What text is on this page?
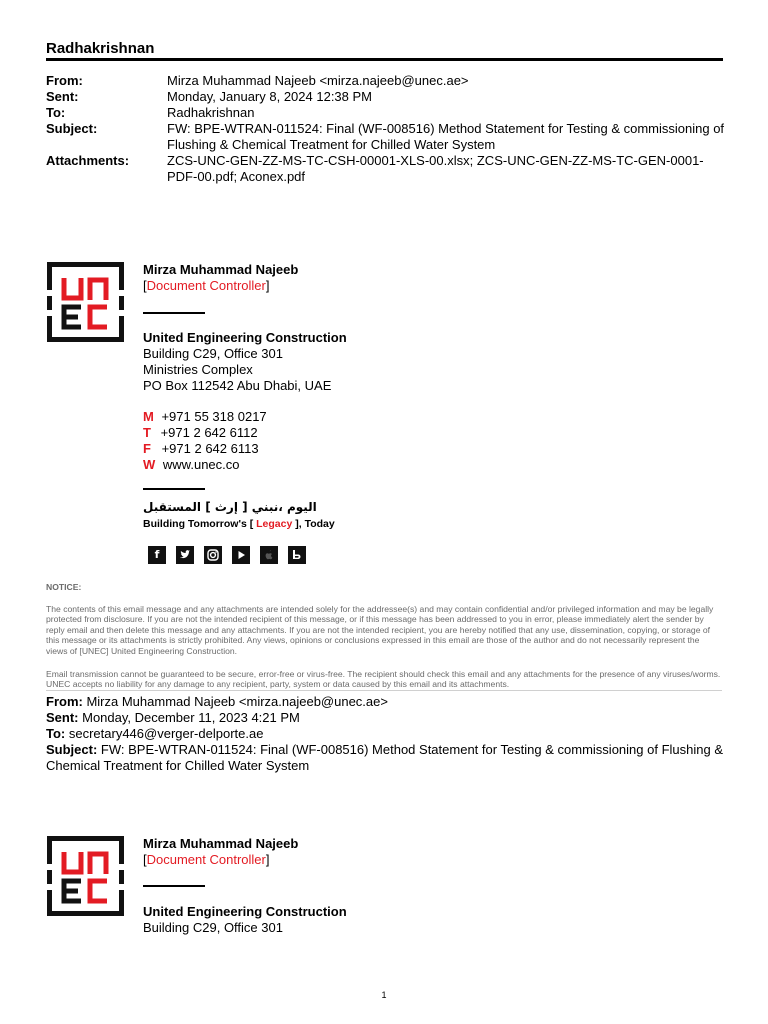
Radhakrishnan
From:	Mirza Muhammad Najeeb <mirza.najeeb@unec.ae>
Sent:	Monday, January 8, 2024 12:38 PM
To:	Radhakrishnan
Subject:	FW: BPE-WTRAN-011524: Final (WF-008516) Method Statement for Testing & commissioning of
Flushing & Chemical Treatment for Chilled Water System
Attachments:	ZCS-UNC-GEN-ZZ-MS-TC-CSH-00001-XLS-00.xlsx; ZCS-UNC-GEN-ZZ-MS-TC-GEN-0001-
PDF-00.pdf; Aconex.pdf
Mirza Muhammad Najeeb
[Document Controller]
United Engineering Construction
Building C29, Office 301
Ministries Complex
PO Box 112542 Abu Dhabi, UAE
M +971 55 318 0217
T +971 2 642 6112
F +971 2 642 6113
W www.unec.co
اليوم ،نبني [ إرث ] المستقبل
Building Tomorrow's [ Legacy ], Today
f
NOTICE:
The contents of this email message and any attachments are intended solely for the addressee(s) and may contain confidential and/or privileged information and may be legally protected from disclosure. If you are not the intended recipient of this message, or if this message has been addressed to you in error, please immediately alert the sender by reply email and then delete this message and any attachments. If you are not the intended recipient, you are hereby notified that any use, dissemination, copying, or storage of this message or its attachments is strictly prohibited. Any views, opinions or conclusions expressed in this email are those of the author and do not necessarily represent the views of [UNEC] United Engineering Construction.
Email transmission cannot be guaranteed to be secure, error-free or virus-free. The recipient should check this email and any attachments for the presence of any viruses/worms. UNEC accepts no liability for any damage to any recipient, party, system or data caused by this email and its attachments.
From: Mirza Muhammad Najeeb <mirza.najeeb@unec.ae>
Sent: Monday, December 11, 2023 4:21 PM
To: secretary446@verger-delporte.ae
Subject: FW: BPE-WTRAN-011524: Final (WF-008516) Method Statement for Testing & commissioning of Flushing &
Chemical Treatment for Chilled Water System
Mirza Muhammad Najeeb
[Document Controller]
United Engineering Construction
Building C29, Office 301
1
